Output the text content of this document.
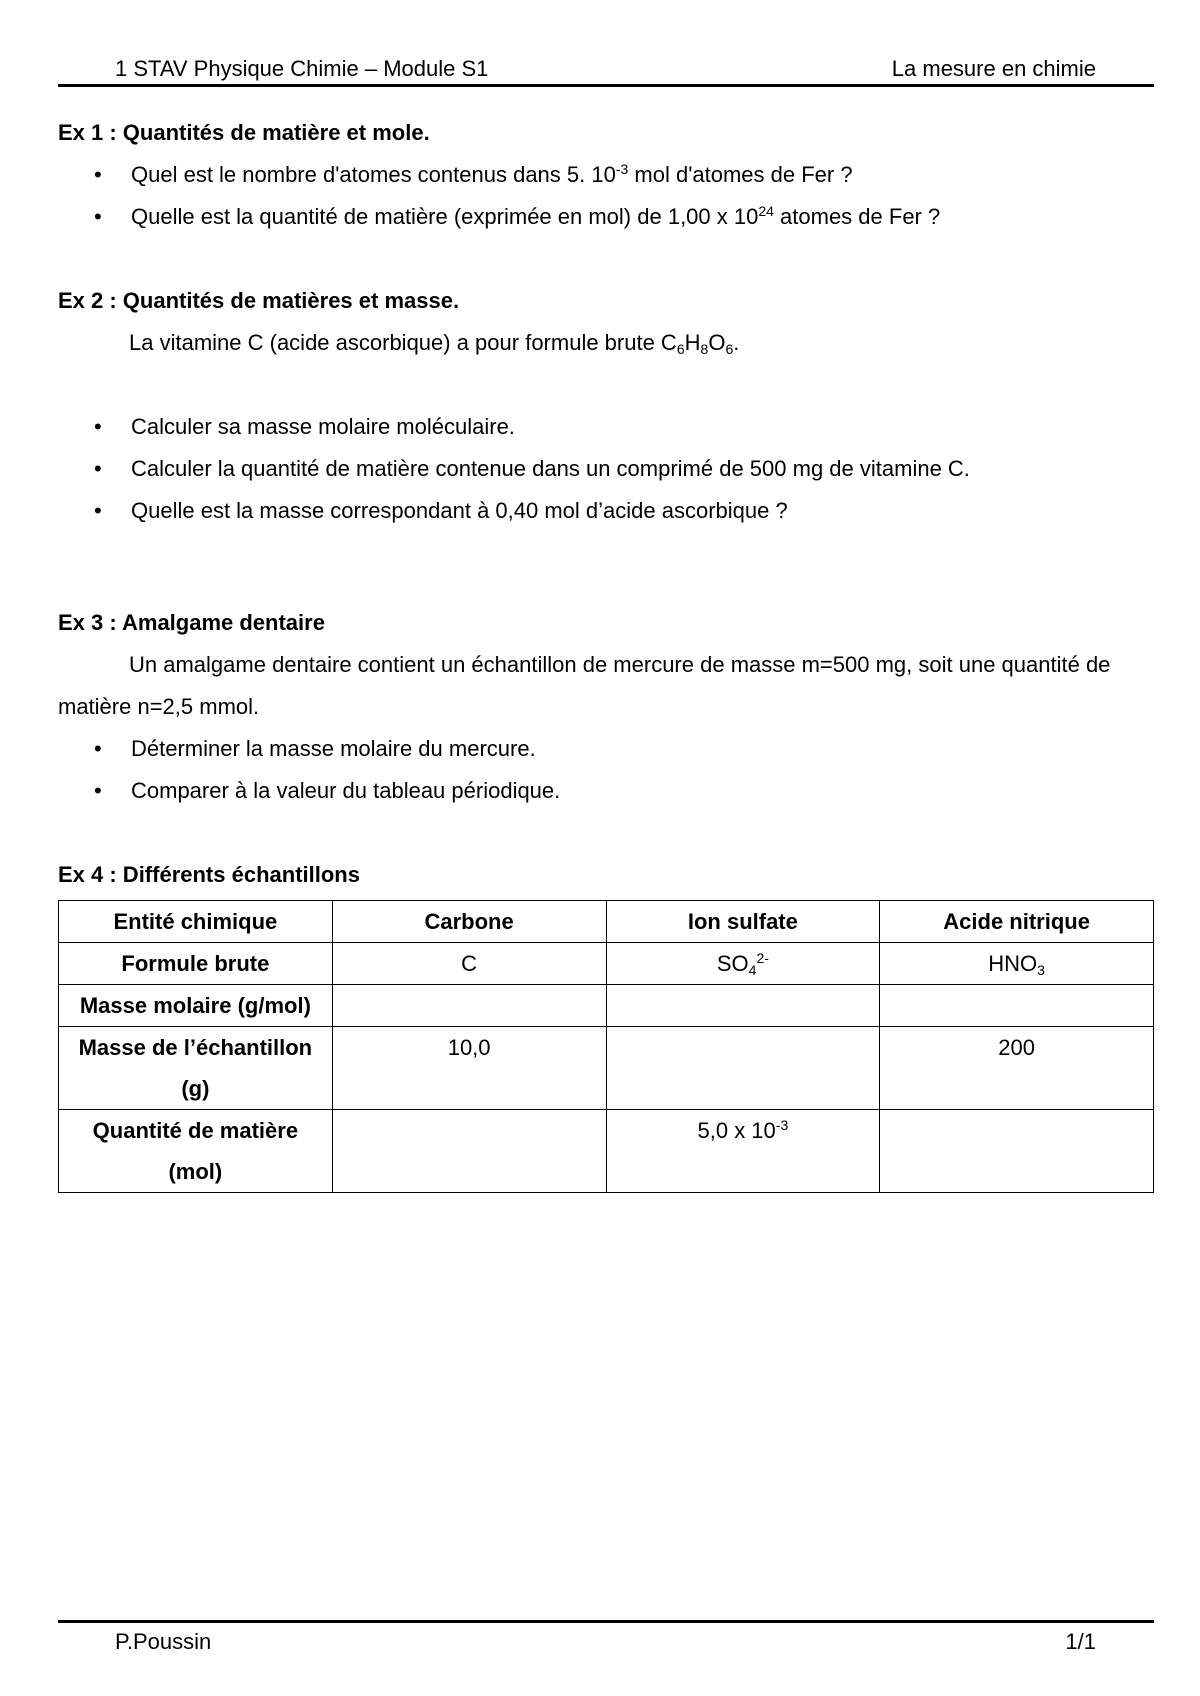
1 STAV Physique Chimie – Module S1	La mesure en chimie
Ex 1 : Quantités de matière et mole.
• Quel est le nombre d'atomes contenus dans 5. $10^{-3}$ mol d'atomes de Fer ?
• Quelle est la quantité de matière (exprimée en mol) de 1,00 x $10^{24}$ atomes de Fer ?
Ex 2 : Quantités de matières et masse.

La vitamine C (acide ascorbique) a pour formule brute $C_6H_8O_6$.

• Calculer sa masse molaire moléculaire.
• Calculer la quantité de matière contenue dans un comprimé de 500 mg de vitamine C.
• Quelle est la masse correspondant à 0,40 mol d’acide ascorbique ?
Ex 3 : Amalgame dentaire

Un amalgame dentaire contient un échantillon de mercure de masse m=500 mg, soit une quantité de matière n=2,5 mmol.

• Déterminer la masse molaire du mercure.
• Comparer à la valeur du tableau périodique.
Ex 4 : Différents échantillons
Entité chimique	Carbone	Ion sulfate	Acide nitrique
Formule brute	C	$SO_4^{2-}$	$HNO_3$
Masse molaire (g/mol)			
Masse de l’échantillon (g)	10,0		200
Quantité de matière (mol)		5,0 x $10^{-3}$	
P.Poussin	1/1
